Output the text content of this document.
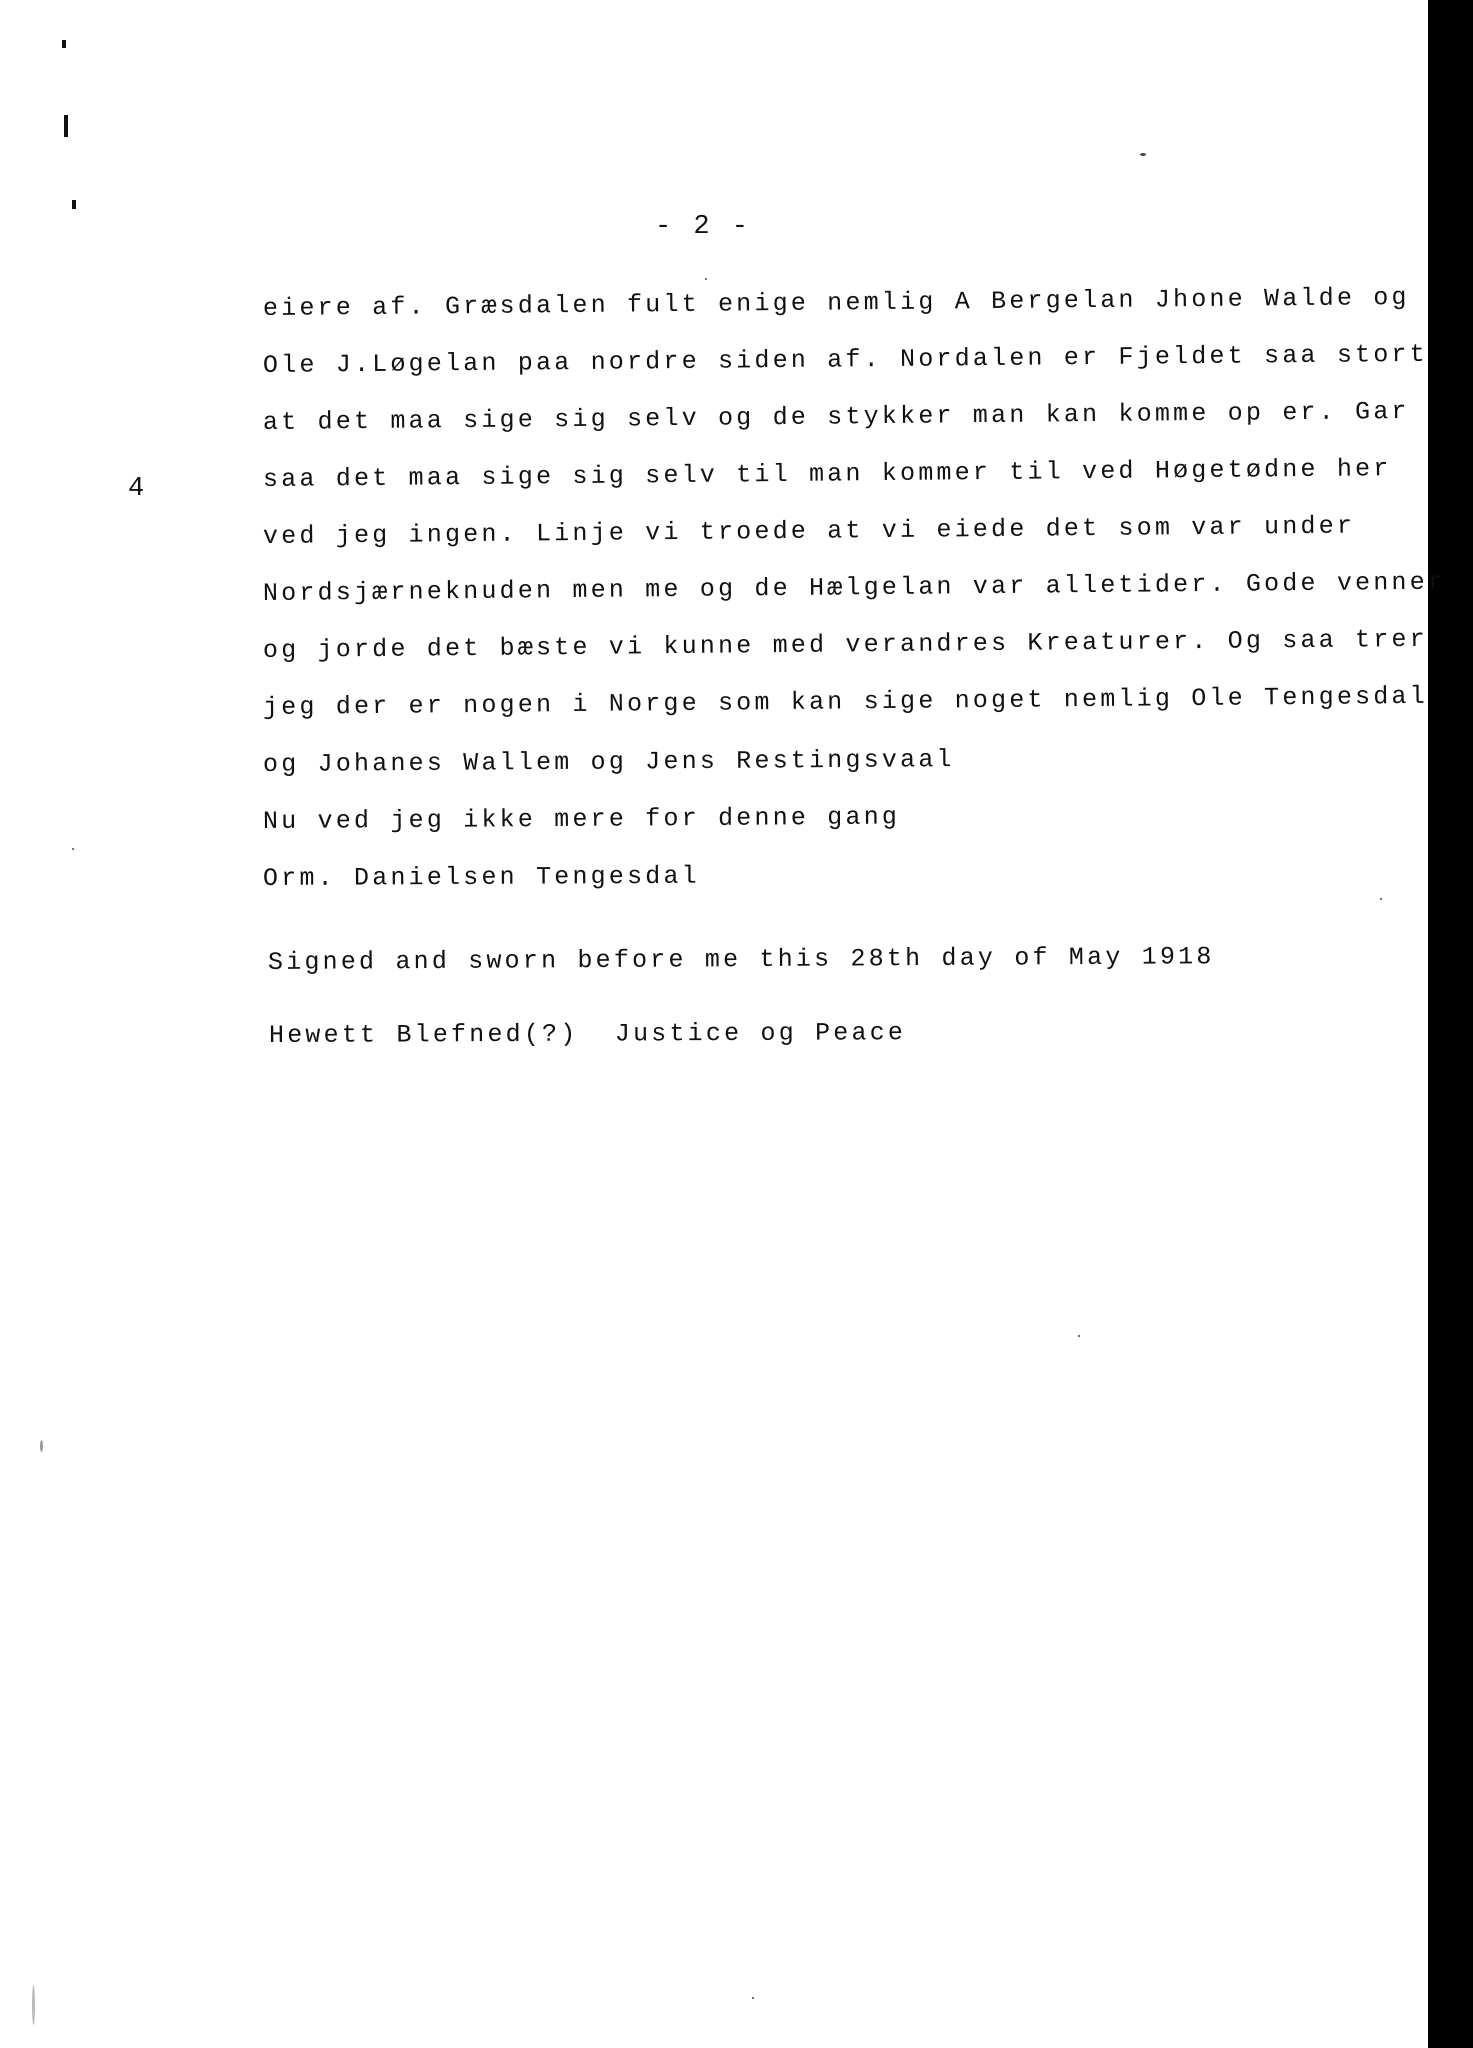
- 2 -
4
eiere af. Græsdalen fult enige nemlig A Bergelan Jhone Walde og
Ole J.Løgelan paa nordre siden af. Nordalen er Fjeldet saa stort
at det maa sige sig selv og de stykker man kan komme op er. Gar
saa det maa sige sig selv til man kommer til ved Høgetødne her
ved jeg ingen. Linje vi troede at vi eiede det som var under
Nordsjærneknuden men me og de Hælgelan var alletider. Gode venner
og jorde det bæste vi kunne med verandres Kreaturer. Og saa trer
jeg der er nogen i Norge som kan sige noget nemlig Ole Tengesdal
og Johanes Wallem og Jens Restingsvaal
Nu ved jeg ikke mere for denne gang
Orm. Danielsen Tengesdal
Signed and sworn before me this 28th day of May 1918
Hewett Blefned(?)  Justice og Peace
